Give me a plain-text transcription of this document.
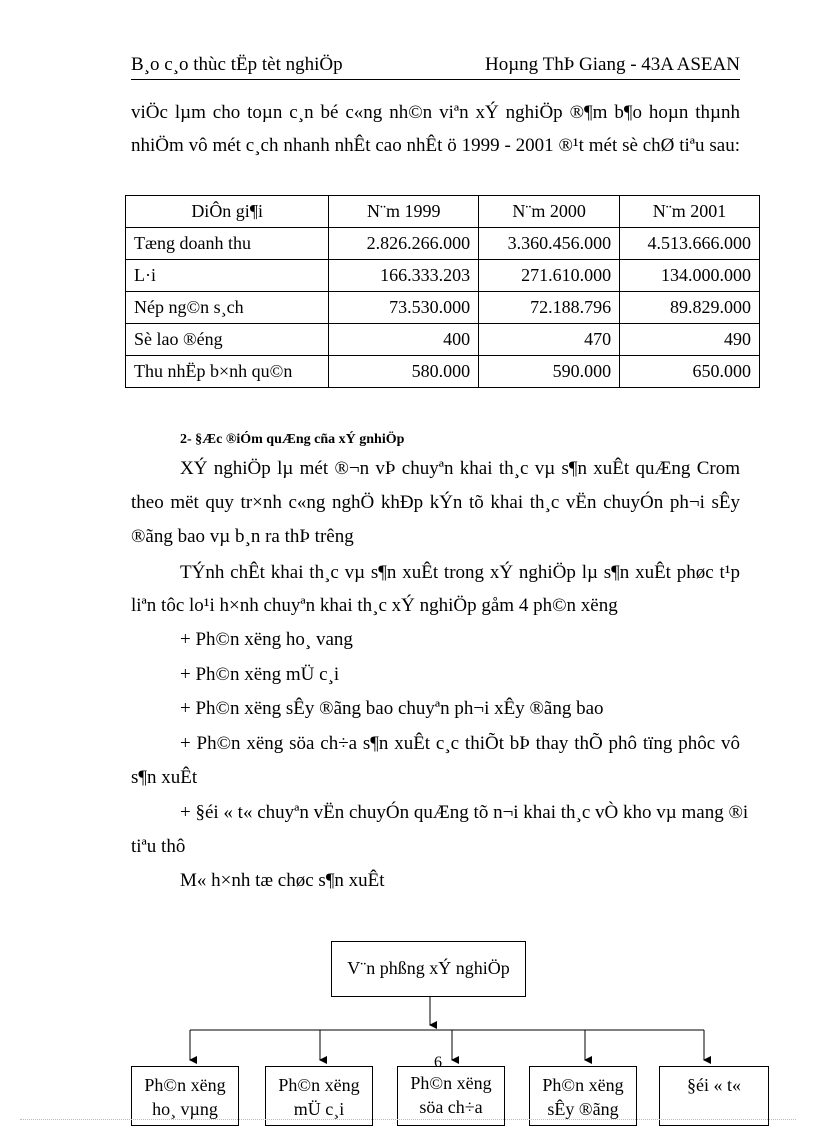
B¸o c¸o thùc tËp tèt nghiÖp	Hoµng ThÞ Giang - 43A ASEAN
viÖc lµm cho toµn c¸n bé c«ng nh©n viªn xÝ nghiÖp ®¶m b¶o hoµn thµnh
nhiÖm vô mét c¸ch nhanh nhÊt cao nhÊt ö 1999 - 2001 ®¹t mét sè chØ tiªu sau:
DiÔn gi¶i	N¨m 1999	N¨m 2000	N¨m 2001
Tæng doanh thu	2.826.266.000	3.360.456.000	4.513.666.000
L·i	166.333.203	271.610.000	134.000.000
Nép ng©n s¸ch	73.530.000	72.188.796	89.829.000
Sè lao ®éng	400	470	490
Thu nhËp b×nh qu©n	580.000	590.000	650.000
2- §Æc ®iÓm quÆng cña xÝ gnhiÖp
XÝ nghiÖp lµ mét ®¬n vÞ chuyªn khai th¸c vµ s¶n xuÊt quÆng Crom
theo mët quy tr×nh c«ng nghÖ khÐp kÝn tõ khai th¸c vËn chuyÓn ph¬i sÊy
®ãng bao vµ b¸n ra thÞ trêng
TÝnh chÊt khai th¸c vµ s¶n xuÊt trong xÝ nghiÖp lµ s¶n xuÊt phøc t¹p
liªn tôc lo¹i h×nh chuyªn khai th¸c xÝ nghiÖp gåm 4 ph©n xëng
+ Ph©n xëng ho¸ vang
+ Ph©n xëng mÜ c¸i
+ Ph©n xëng sÊy ®ãng bao chuyªn ph¬i xÊy ®ãng bao
+ Ph©n xëng söa ch÷a s¶n xuÊt c¸c thiÕt bÞ thay thÕ phô tïng phôc vô
s¶n xuÊt
+ §éi « t« chuyªn vËn chuyÓn quÆng tõ n¬i khai th¸c vÒ kho vµ mang ®i
tiªu thô
M« h×nh tæ chøc s¶n xuÊt
V¨n phßng xÝ nghiÖp
Ph©n xëng
ho¸ vµng
Ph©n xëng
mÜ c¸i
Ph©n xëng
söa ch÷a
Ph©n xëng
sÊy ®ãng
§éi « t«
6
